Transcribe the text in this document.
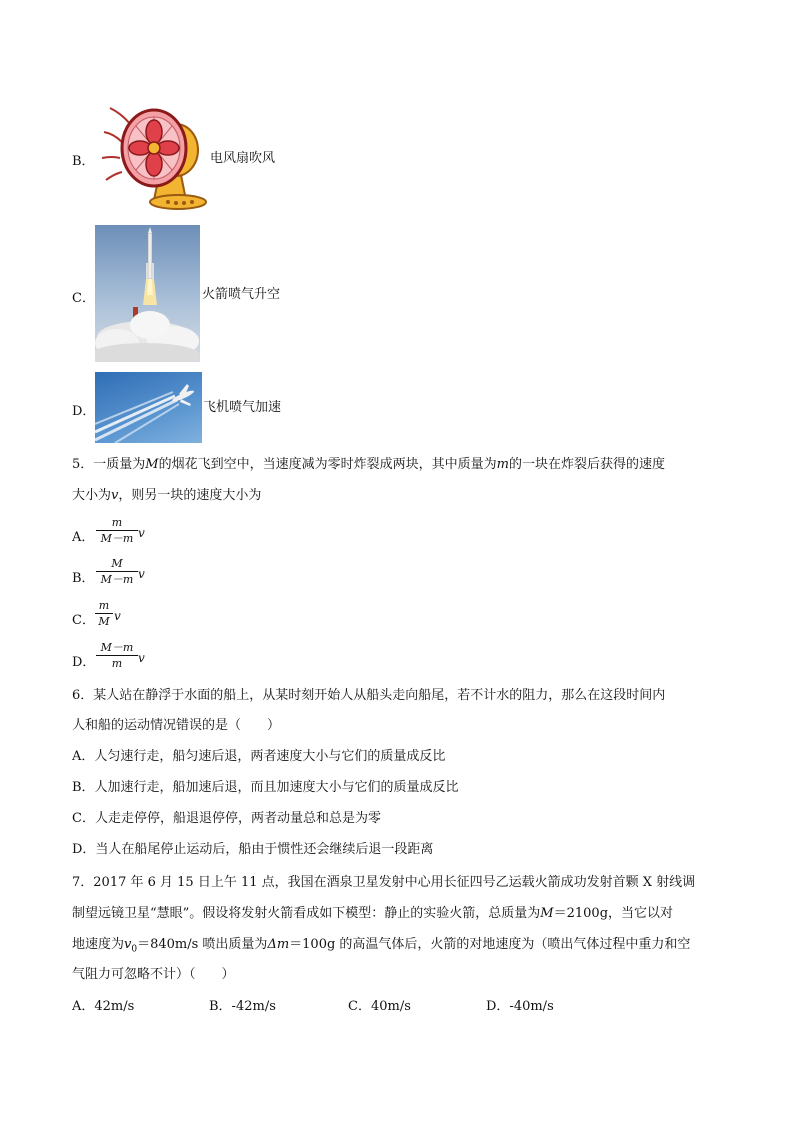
B．	电风扇吹风
C．	火箭喷气升空
D．	飞机喷气加速
5．一质量为M的烟花飞到空中，当速度减为零时炸裂成两块，其中质量为m的一块在炸裂后获得的速度
大小为v，则另一块的速度大小为
A．
m
M－m v
B．
M
M－m v
C．
m
M v
D．
M－m
m	v
6．某人站在静浮于水面的船上，从某时刻开始人从船头走向船尾，若不计水的阻力，那么在这段时间内
人和船的运动情况错误的是（　　）
A．人匀速行走，船匀速后退，两者速度大小与它们的质量成反比
B．人加速行走，船加速后退，而且加速度大小与它们的质量成反比
C．人走走停停，船退退停停，两者动量总和总是为零
D．当人在船尾停止运动后，船由于惯性还会继续后退一段距离
7．2017 年 6 月 15 日上午 11 点，我国在酒泉卫星发射中心用长征四号乙运载火箭成功发射首颗 X 射线调
制望远镜卫星“慧眼”。假设将发射火箭看成如下模型：静止的实验火箭，总质量为M＝2100g，当它以对
地速度为$v_0=840m/s$ 喷出质量为Δm＝100g 的高温气体后，火箭的对地速度为（喷出气体过程中重力和空
气阻力可忽略不计）（　　）
A．42m/s	B．-42m/s	C．40m/s	D．-40m/s
